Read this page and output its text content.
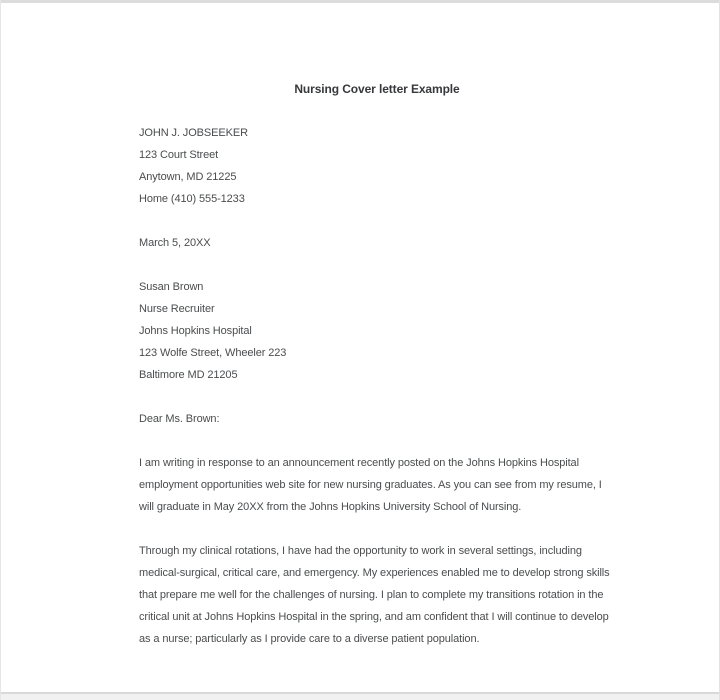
Nursing Cover letter Example
JOHN J. JOBSEEKER
123 Court Street
Anytown, MD 21225
Home (410) 555-1233
March 5, 20XX
Susan Brown
Nurse Recruiter
Johns Hopkins Hospital
123 Wolfe Street, Wheeler 223
Baltimore MD 21205
Dear Ms. Brown:
I am writing in response to an announcement recently posted on the Johns Hopkins Hospital employment opportunities web site for new nursing graduates. As you can see from my resume, I will graduate in May 20XX from the Johns Hopkins University School of Nursing.
Through my clinical rotations, I have had the opportunity to work in several settings, including medical-surgical, critical care, and emergency. My experiences enabled me to develop strong skills that prepare me well for the challenges of nursing. I plan to complete my transitions rotation in the critical unit at Johns Hopkins Hospital in the spring, and am confident that I will continue to develop as a nurse; particularly as I provide care to a diverse patient population.
